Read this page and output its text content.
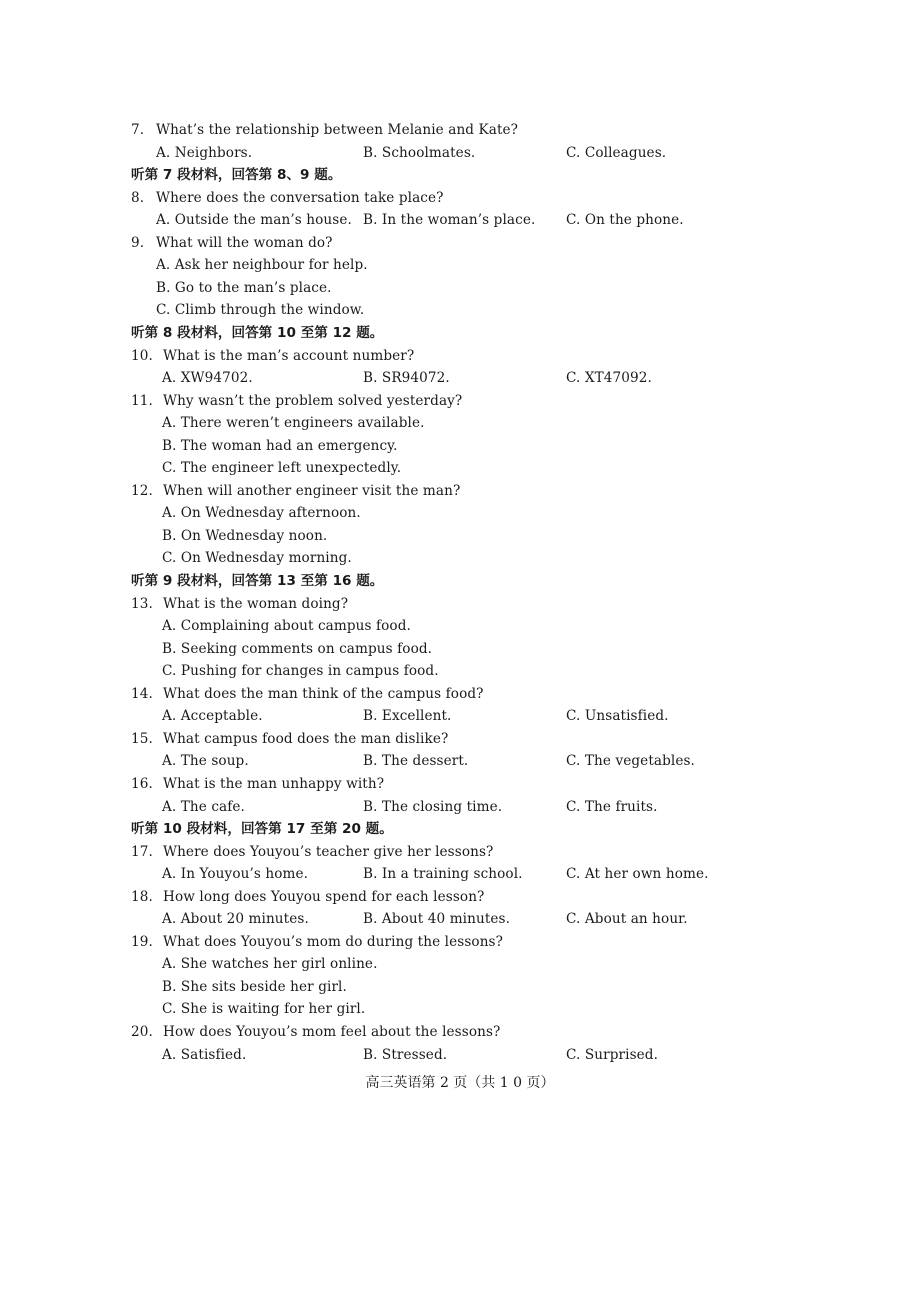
7. What’s the relationship between Melanie and Kate?
A. Neighbors.	B. Schoolmates.	C. Colleagues.
听第 7 段材料，回答第 8、9 题。
8. Where does the conversation take place?
A. Outside the man’s house. B. In the woman’s place. C. On the phone.
9. What will the woman do?
A. Ask her neighbour for help.
B. Go to the man’s place.
C. Climb through the window.
听第 8 段材料，回答第 10 至第 12 题。
10. What is the man’s account number?
A. XW94702.	B. SR94072.	C. XT47092.
11. Why wasn’t the problem solved yesterday?
A. There weren’t engineers available.
B. The woman had an emergency.
C. The engineer left unexpectedly.
12. When will another engineer visit the man?
A. On Wednesday afternoon.
B. On Wednesday noon.
C. On Wednesday morning.
听第 9 段材料，回答第 13 至第 16 题。
13. What is the woman doing?
A. Complaining about campus food.
B. Seeking comments on campus food.
C. Pushing for changes in campus food.
14. What does the man think of the campus food?
A. Acceptable.	B. Excellent.	C. Unsatisfied.
15. What campus food does the man dislike?
A. The soup.	B. The dessert.	C. The vegetables.
16. What is the man unhappy with?
A. The cafe.	B. The closing time.	C. The fruits.
听第 10 段材料，回答第 17 至第 20 题。
17. Where does Youyou’s teacher give her lessons?
A. In Youyou’s home.	B. In a training school.	C. At her own home.
18. How long does Youyou spend for each lesson?
A. About 20 minutes.	B. About 40 minutes.	C. About an hour.
19. What does Youyou’s mom do during the lessons?
A. She watches her girl online.
B. She sits beside her girl.
C. She is waiting for her girl.
20. How does Youyou’s mom feel about the lessons?
A. Satisfied.	B. Stressed.	C. Surprised.
高三英语第 2 页（共 1 0 页）
